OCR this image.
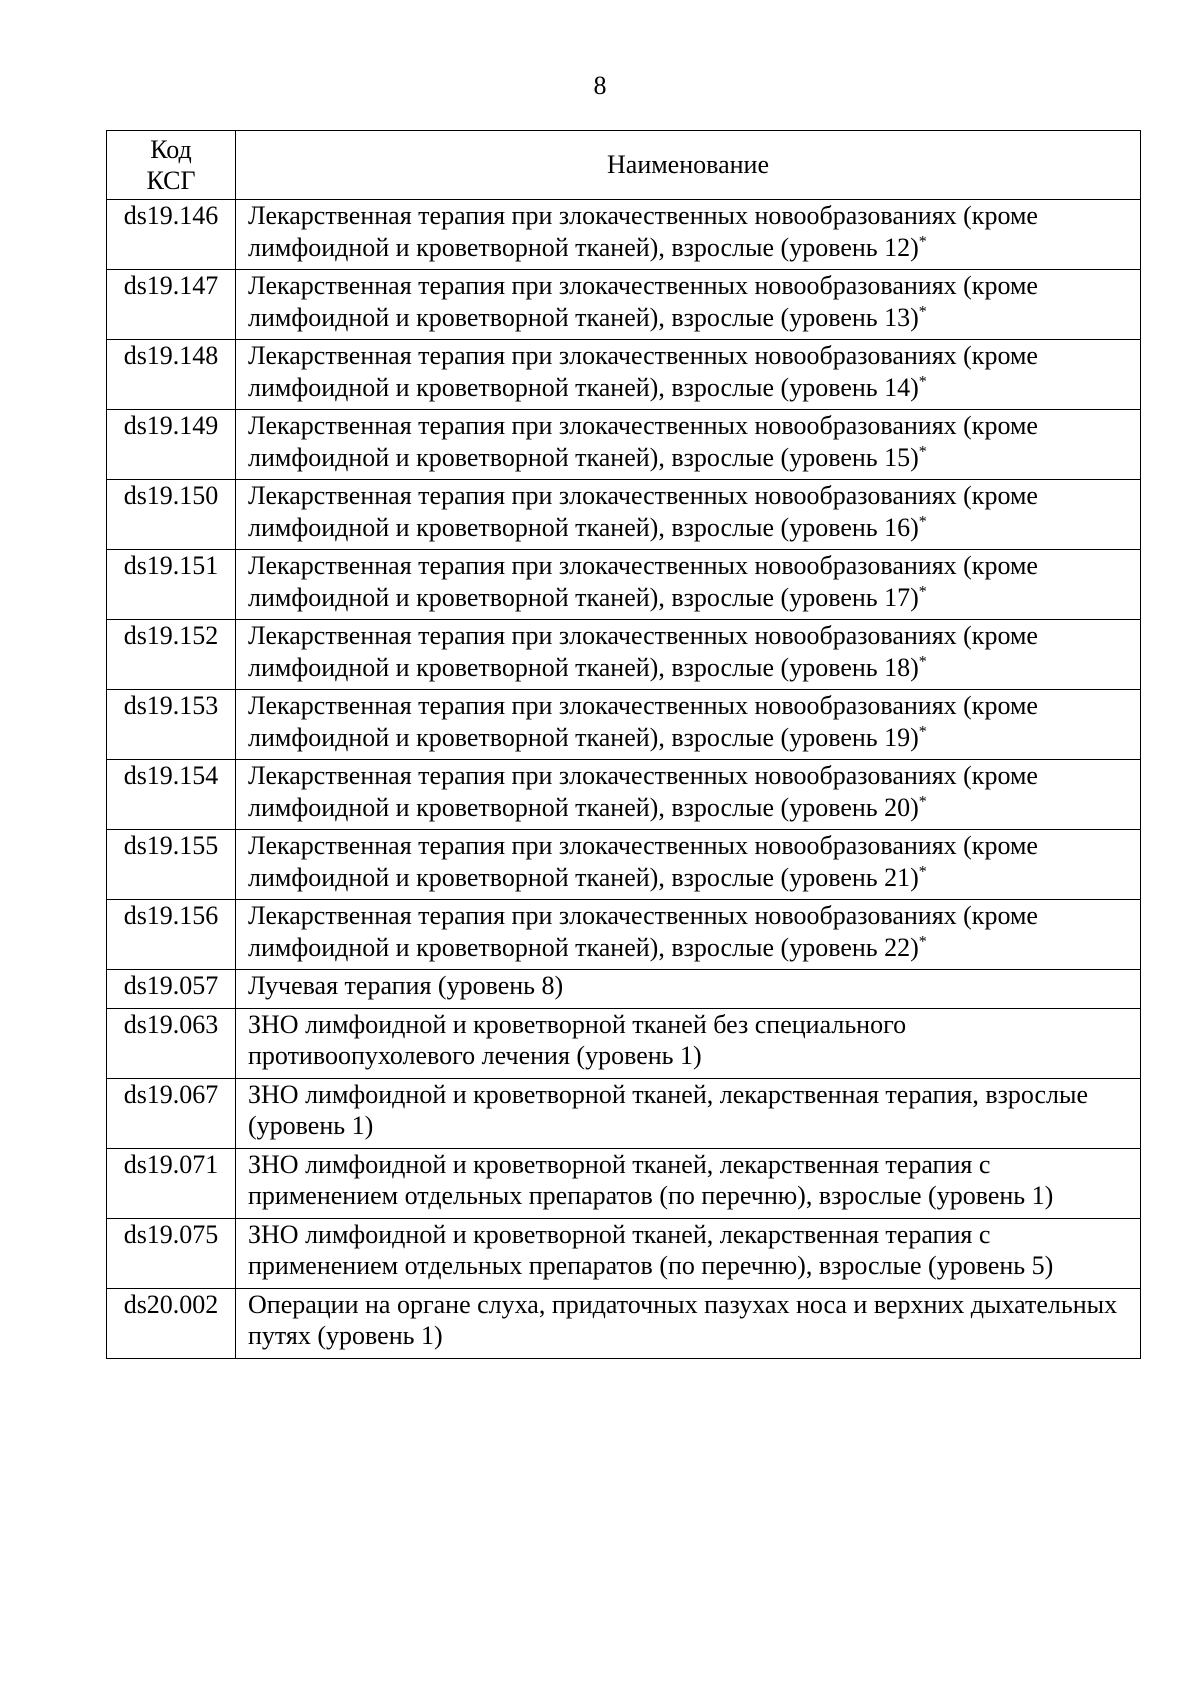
8
Код
КСГ	Наименование
ds19.146	Лекарственная терапия при злокачественных новообразованиях (кроме лимфоидной и кроветворной тканей), взрослые (уровень 12)*
ds19.147	Лекарственная терапия при злокачественных новообразованиях (кроме лимфоидной и кроветворной тканей), взрослые (уровень 13)*
ds19.148	Лекарственная терапия при злокачественных новообразованиях (кроме лимфоидной и кроветворной тканей), взрослые (уровень 14)*
ds19.149	Лекарственная терапия при злокачественных новообразованиях (кроме лимфоидной и кроветворной тканей), взрослые (уровень 15)*
ds19.150	Лекарственная терапия при злокачественных новообразованиях (кроме лимфоидной и кроветворной тканей), взрослые (уровень 16)*
ds19.151	Лекарственная терапия при злокачественных новообразованиях (кроме лимфоидной и кроветворной тканей), взрослые (уровень 17)*
ds19.152	Лекарственная терапия при злокачественных новообразованиях (кроме лимфоидной и кроветворной тканей), взрослые (уровень 18)*
ds19.153	Лекарственная терапия при злокачественных новообразованиях (кроме лимфоидной и кроветворной тканей), взрослые (уровень 19)*
ds19.154	Лекарственная терапия при злокачественных новообразованиях (кроме лимфоидной и кроветворной тканей), взрослые (уровень 20)*
ds19.155	Лекарственная терапия при злокачественных новообразованиях (кроме лимфоидной и кроветворной тканей), взрослые (уровень 21)*
ds19.156	Лекарственная терапия при злокачественных новообразованиях (кроме лимфоидной и кроветворной тканей), взрослые (уровень 22)*
ds19.057	Лучевая терапия (уровень 8)
ds19.063	ЗНО лимфоидной и кроветворной тканей без специального противоопухолевого лечения (уровень 1)
ds19.067	ЗНО лимфоидной и кроветворной тканей, лекарственная терапия, взрослые (уровень 1)
ds19.071	ЗНО лимфоидной и кроветворной тканей, лекарственная терапия с применением отдельных препаратов (по перечню), взрослые (уровень 1)
ds19.075	ЗНО лимфоидной и кроветворной тканей, лекарственная терапия с применением отдельных препаратов (по перечню), взрослые (уровень 5)
ds20.002	Операции на органе слуха, придаточных пазухах носа и верхних дыхательных путях (уровень 1)
